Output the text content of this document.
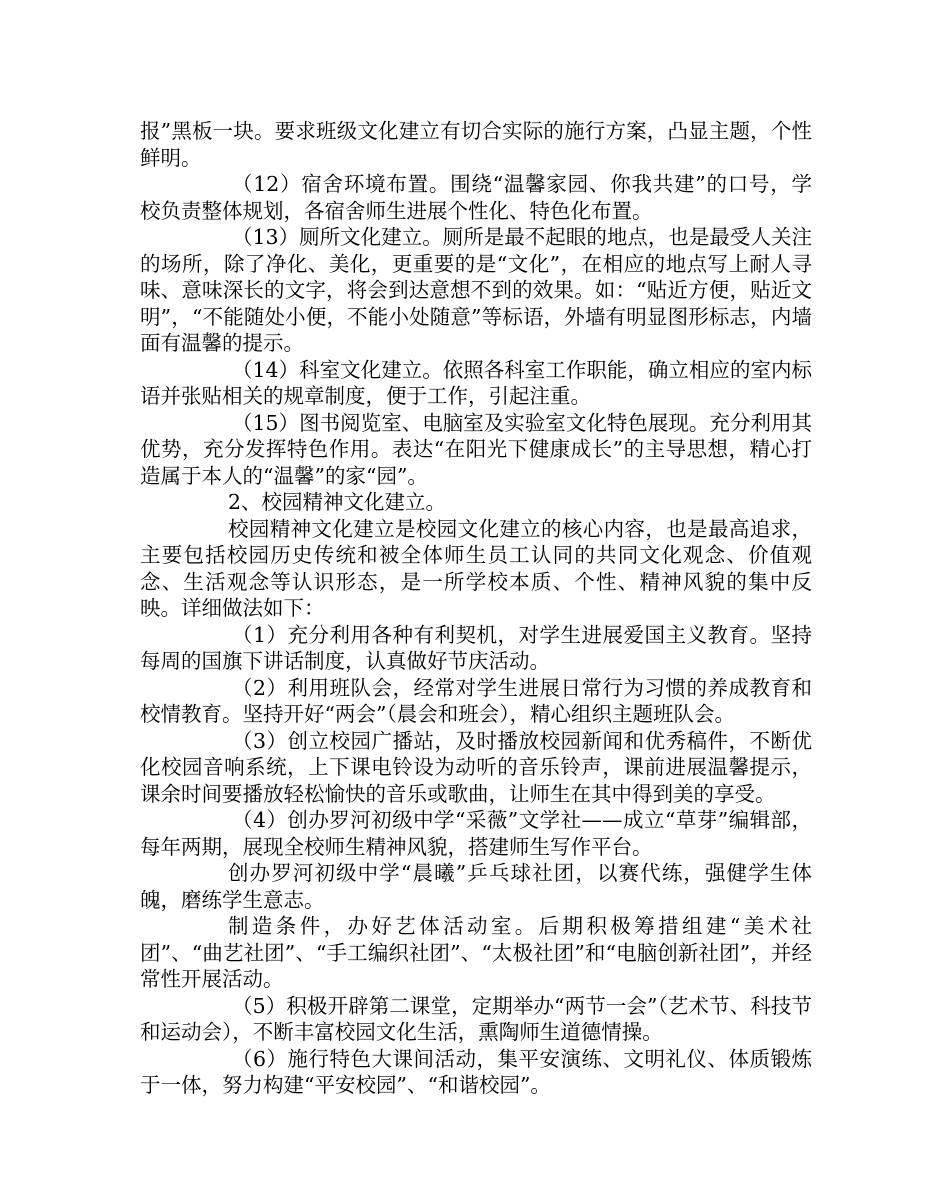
报”黑板一块。要求班级文化建立有切合实际的施行方案，凸显主题，个性鲜明。

（12）宿舍环境布置。围绕“温馨家园、你我共建”的口号，学校负责整体规划，各宿舍师生进展个性化、特色化布置。

（13）厕所文化建立。厕所是最不起眼的地点，也是最受人关注的场所，除了净化、美化，更重要的是“文化”，在相应的地点写上耐人寻味、意味深长的文字，将会到达意想不到的效果。如：“贴近方便，贴近文明”，“不能随处小便，不能小处随意”等标语，外墙有明显图形标志，内墙面有温馨的提示。

（14）科室文化建立。依照各科室工作职能，确立相应的室内标语并张贴相关的规章制度，便于工作，引起注重。

（15）图书阅览室、电脑室及实验室文化特色展现。充分利用其优势，充分发挥特色作用。表达“在阳光下健康成长”的主导思想，精心打造属于本人的“温馨”的家“园”。

2、校园精神文化建立。

校园精神文化建立是校园文化建立的核心内容，也是最高追求，主要包括校园历史传统和被全体师生员工认同的共同文化观念、价值观念、生活观念等认识形态，是一所学校本质、个性、精神风貌的集中反映。详细做法如下：

（1）充分利用各种有利契机，对学生进展爱国主义教育。坚持每周的国旗下讲话制度，认真做好节庆活动。

（2）利用班队会，经常对学生进展日常行为习惯的养成教育和校情教育。坚持开好“两会”（晨会和班会），精心组织主题班队会。

（3）创立校园广播站，及时播放校园新闻和优秀稿件，不断优化校园音响系统，上下课电铃设为动听的音乐铃声，课前进展温馨提示，课余时间要播放轻松愉快的音乐或歌曲，让师生在其中得到美的享受。

（4）创办罗河初级中学“采薇”文学社——成立“草芽”编辑部，每年两期，展现全校师生精神风貌，搭建师生写作平台。

创办罗河初级中学“晨曦”乒乓球社团，以赛代练，强健学生体魄，磨练学生意志。

制造条件，办好艺体活动室。后期积极筹措组建“美术社团”、“曲艺社团”、“手工编织社团”、“太极社团”和“电脑创新社团”，并经常性开展活动。

（5）积极开辟第二课堂，定期举办“两节一会”（艺术节、科技节和运动会），不断丰富校园文化生活，熏陶师生道德情操。

（6）施行特色大课间活动，集平安演练、文明礼仪、体质锻炼于一体，努力构建“平安校园”、“和谐校园”。
